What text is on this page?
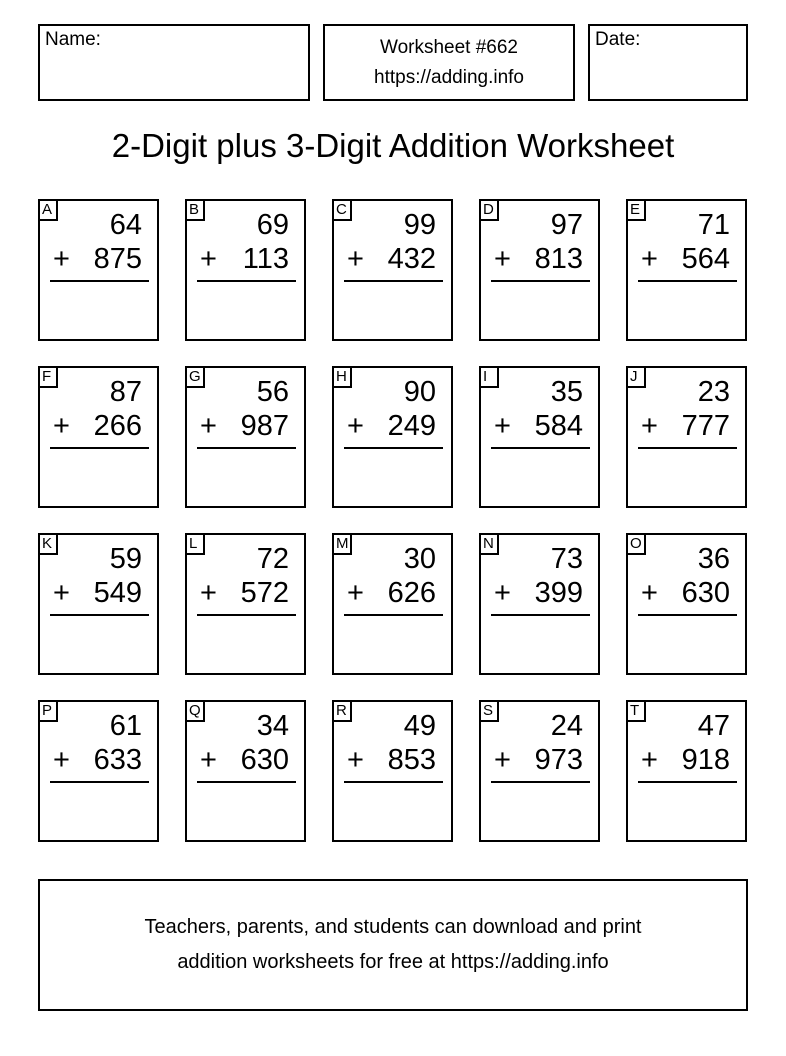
Name:	Worksheet #662
https://adding.info
Date:
2-Digit plus 3-Digit Addition Worksheet
A 64
+ 875
B 69
+ 113
C 99
+ 432
D 97
+ 813
E 71
+ 564
F 87
+ 266
G 56
+ 987
H 90
+ 249
I	35
+ 584
J 23
+ 777
K 59
+ 549
L 72
+ 572
M 30
+ 626
N 73
+ 399
O 36
+ 630
P 61
+ 633
Q 34
+ 630
R 49
+ 853
S 24
+ 973
T 47
+ 918
Teachers, parents, and students can download and print
addition worksheets for free at https://adding.info
